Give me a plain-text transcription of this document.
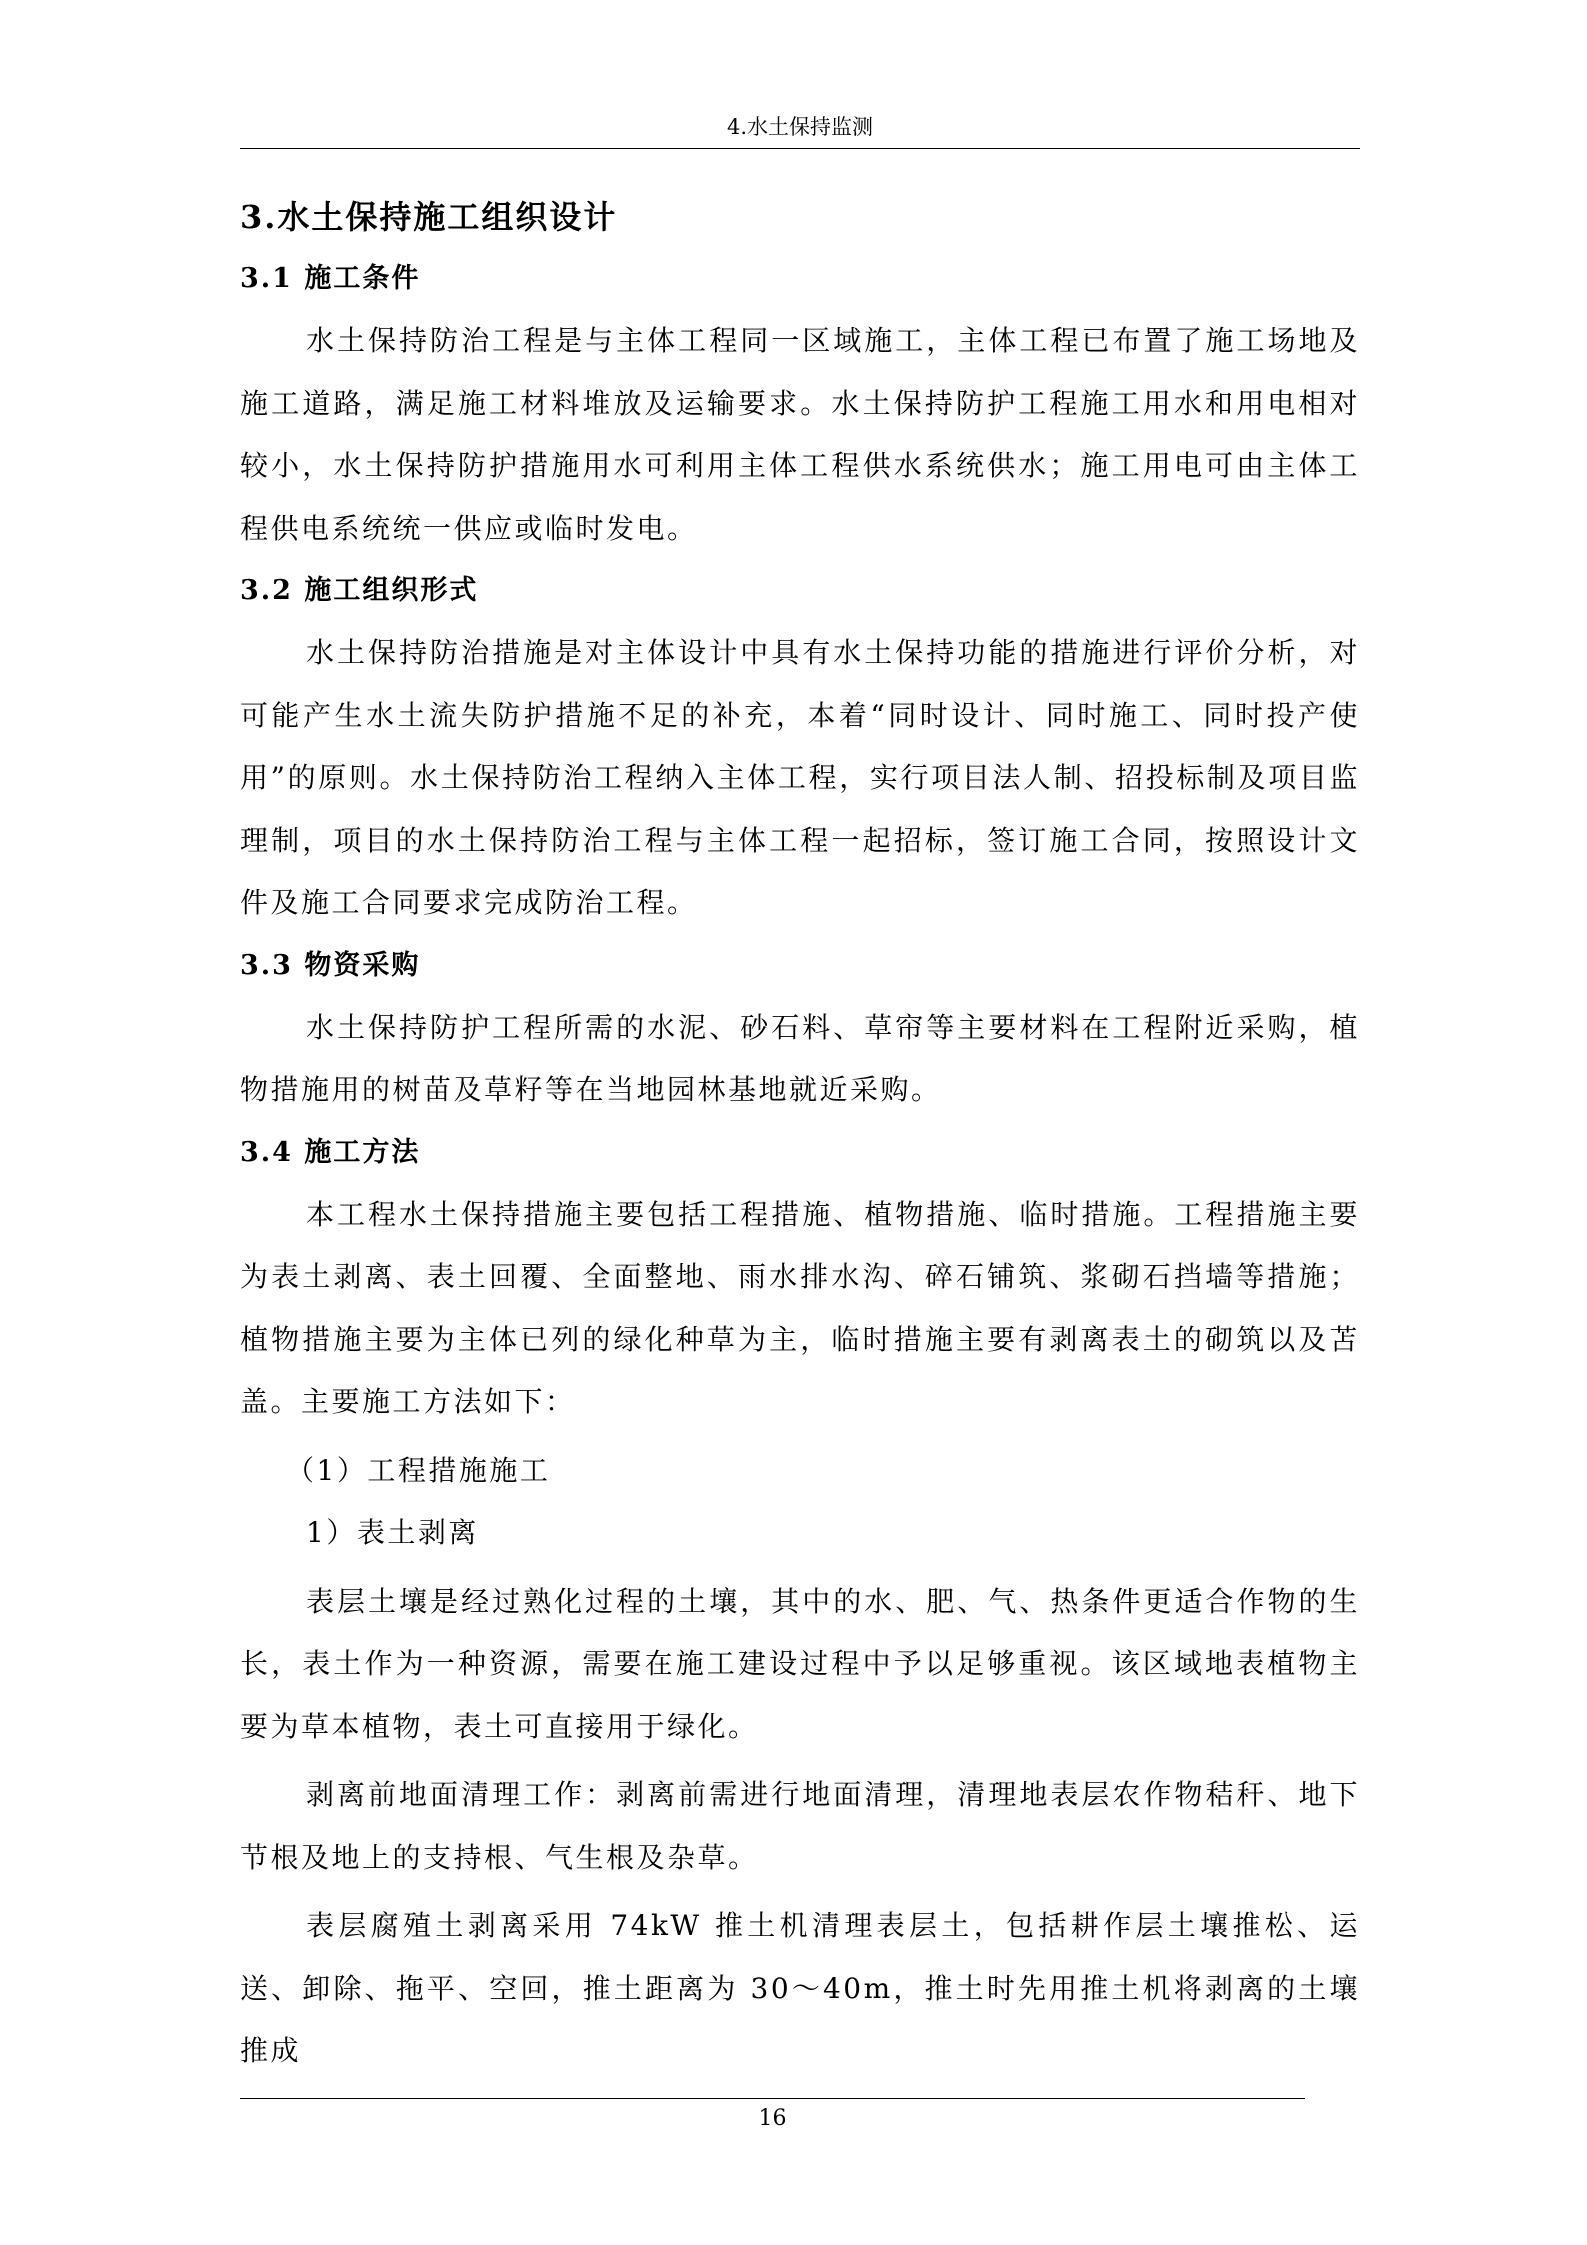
4.水土保持监测
3.水土保持施工组织设计
3.1 施工条件

水土保持防治工程是与主体工程同一区域施工，主体工程已布置了施工场地及施工道路，满足施工材料堆放及运输要求。水土保持防护工程施工用水和用电相对较小，水土保持防护措施用水可利用主体工程供水系统供水；施工用电可由主体工程供电系统统一供应或临时发电。

3.2 施工组织形式

水土保持防治措施是对主体设计中具有水土保持功能的措施进行评价分析，对可能产生水土流失防护措施不足的补充，本着“同时设计、同时施工、同时投产使用”的原则。水土保持防治工程纳入主体工程，实行项目法人制、招投标制及项目监理制，项目的水土保持防治工程与主体工程一起招标，签订施工合同，按照设计文件及施工合同要求完成防治工程。

3.3 物资采购

水土保持防护工程所需的水泥、砂石料、草帘等主要材料在工程附近采购，植物措施用的树苗及草籽等在当地园林基地就近采购。

3.4 施工方法

本工程水土保持措施主要包括工程措施、植物措施、临时措施。工程措施主要为表土剥离、表土回覆、全面整地、雨水排水沟、碎石铺筑、浆砌石挡墙等措施；植物措施主要为主体已列的绿化种草为主，临时措施主要有剥离表土的砌筑以及苫盖。主要施工方法如下：

（1）工程措施施工
1）表土剥离

表层土壤是经过熟化过程的土壤，其中的水、肥、气、热条件更适合作物的生长，表土作为一种资源，需要在施工建设过程中予以足够重视。该区域地表植物主要为草本植物，表土可直接用于绿化。

剥离前地面清理工作：剥离前需进行地面清理，清理地表层农作物秸秆、地下节根及地上的支持根、气生根及杂草。

表层腐殖土剥离采用 74kW 推土机清理表层土，包括耕作层土壤推松、运送、卸除、拖平、空回，推土距离为 30～40m，推土时先用推土机将剥离的土壤推成

16
